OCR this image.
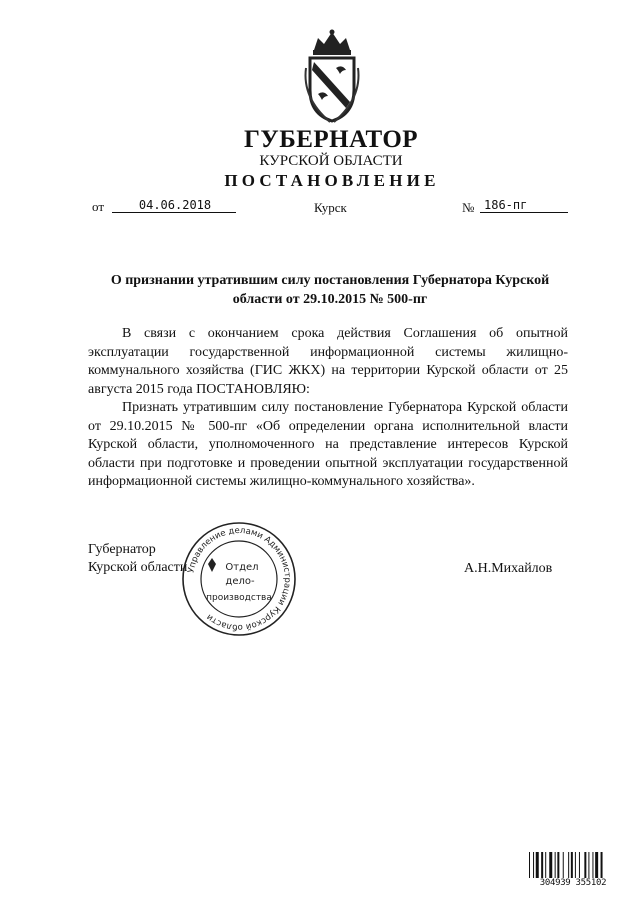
ГУБЕРНАТОР
КУРСКОЙ ОБЛАСТИ
ПОСТАНОВЛЕНИЕ
от	04.06.2018	Курск	№ 186-пг
О признании утратившим силу постановления Губернатора Курской области от 29.10.2015 № 500-пг

В связи с окончанием срока действия Соглашения об опытной эксплуатации государственной информационной системы жилищно-коммунального хозяйства (ГИС ЖКХ) на территории Курской области от 25 августа 2015 года ПОСТАНОВЛЯЮ:

Признать утратившим силу постановление Губернатора Курской области от 29.10.2015 № 500-пг «Об определении органа исполнительной власти Курской области, уполномоченного на представление интересов Курской области при подготовке и проведении опытной эксплуатации государственной информационной системы жилищно-коммунального хозяйства».

Губернатор
Курской области	А.Н.Михайлов
Управление делами Администрации Курской области
Отдел
дело-
производства
304939 355102
